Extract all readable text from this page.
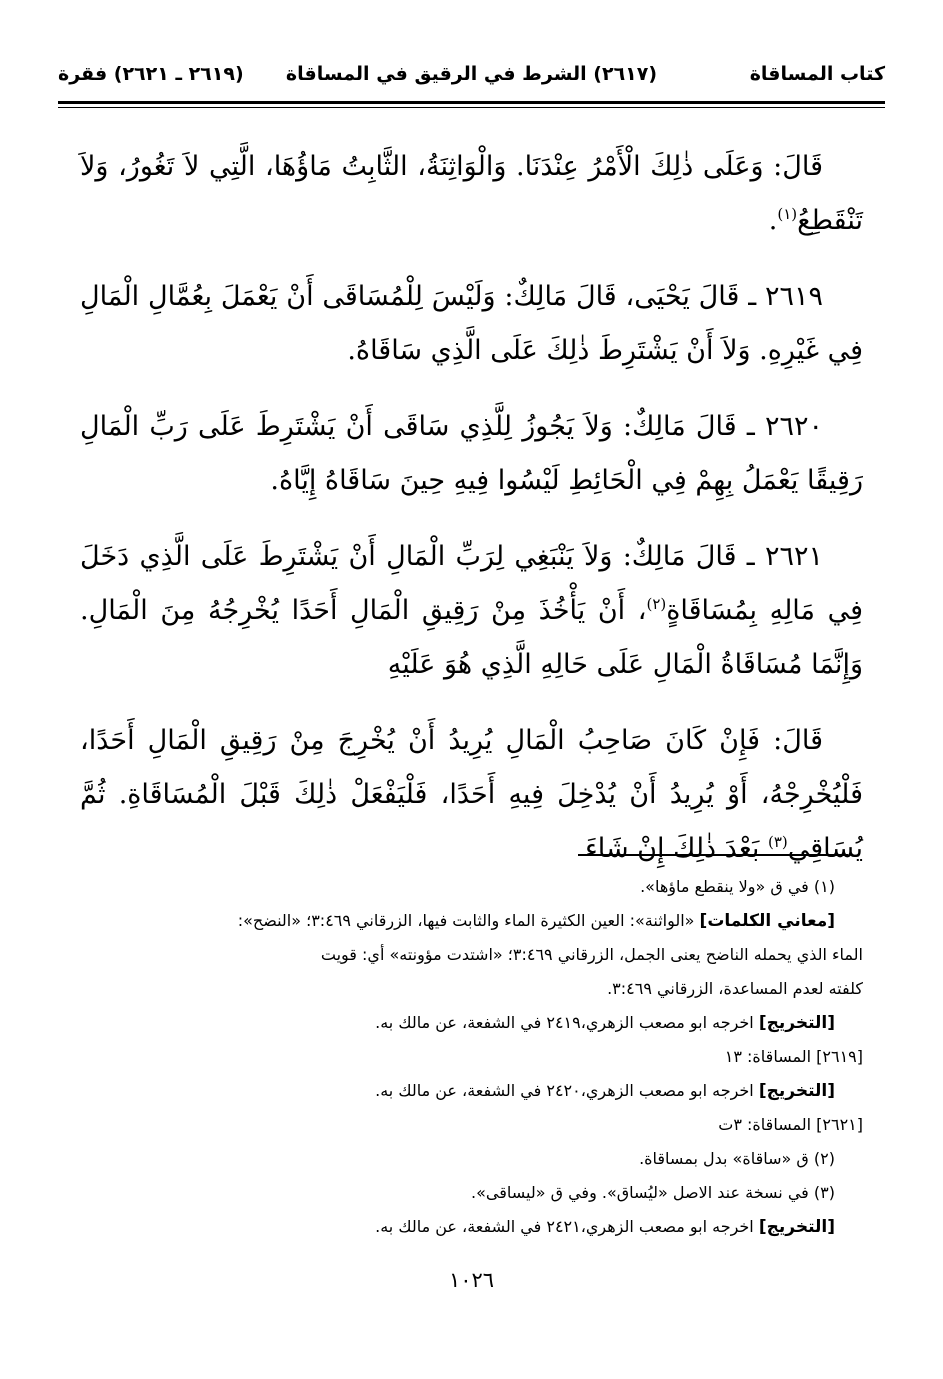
كتاب المساقاة
(٢٦١٧) الشرط في الرقيق في المساقاة
(٢٦١٩ ـ ٢٦٢١) فقرة

قَالَ: وَعَلَى ذٰلِكَ الْأَمْرُ عِنْدَنَا. وَالْوَاثِنَةُ، الثَّابِتُ مَاؤُهَا، الَّتِي لاَ تَغُورُ، وَلاَ تَنْقَطِعُ$^{(١)}$.

٢٦١٩ ـ قَالَ يَحْيَى، قَالَ مَالِكٌ: وَلَيْسَ لِلْمُسَاقَى أَنْ يَعْمَلَ بِعُمَّالِ الْمَالِ فِي غَيْرِهِ. وَلاَ أَنْ يَشْتَرِطَ ذٰلِكَ عَلَى الَّذِي سَاقَاهُ.

٢٦٢٠ ـ قَالَ مَالِكٌ: وَلاَ يَجُوزُ لِلَّذِي سَاقَى أَنْ يَشْتَرِطَ عَلَى رَبِّ الْمَالِ رَقِيقًا يَعْمَلُ بِهِمْ فِي الْحَائِطِ لَيْسُوا فِيهِ حِينَ سَاقَاهُ إِيَّاهُ.

٢٦٢١ ـ قَالَ مَالِكٌ: وَلاَ يَنْبَغِي لِرَبِّ الْمَالِ أَنْ يَشْتَرِطَ عَلَى الَّذِي دَخَلَ فِي مَالِهِ بِمُسَاقَاةٍ$^{(٢)}$، أَنْ يَأْخُذَ مِنْ رَقِيقِ الْمَالِ أَحَدًا يُخْرِجُهُ مِنَ الْمَالِ. وَإِنَّمَا مُسَاقَاةُ الْمَالِ عَلَى حَالِهِ الَّذِي هُوَ عَلَيْهِ

قَالَ: فَإِنْ كَانَ صَاحِبُ الْمَالِ يُرِيدُ أَنْ يُخْرِجَ مِنْ رَقِيقِ الْمَالِ أَحَدًا، فَلْيُخْرِجْهُ، أَوْ يُرِيدُ أَنْ يُدْخِلَ فِيهِ أَحَدًا، فَلْيَفْعَلْ ذٰلِكَ قَبْلَ الْمُسَاقَاةِ. ثُمَّ يُسَاقِي$^{(٣)}$ بَعْدَ ذٰلِكَ إِنْ شَاءَ

(١) في ق «ولا ينقطع ماؤها».

[معاني الكلمات] «الواثنة»: العين الكثيرة الماء والثابت فيها، الزرقاني ٣:٤٦٩؛ «النضح»:

الماء الذي يحمله الناضح يعنى الجمل، الزرقاني ٣:٤٦٩؛ «اشتدت مؤونته» أي: قويت

كلفته لعدم المساعدة، الزرقاني ٣:٤٦٩.

[التخريج] اخرجه ابو مصعب الزهري،٢٤١٩ في الشفعة، عن مالك به.

[٢٦١٩] المساقاة: ١٣

[التخريج] اخرجه ابو مصعب الزهري،٢٤٢٠ في الشفعة، عن مالك به.

[٢٦٢١] المساقاة: ٣ت

(٢) ق «ساقاة» بدل بمساقاة.

(٣) في نسخة عند الاصل «ليُساق». وفي ق «ليساقى».

[التخريج] اخرجه ابو مصعب الزهري،٢٤٢١ في الشفعة، عن مالك به.

١٠٢٦
